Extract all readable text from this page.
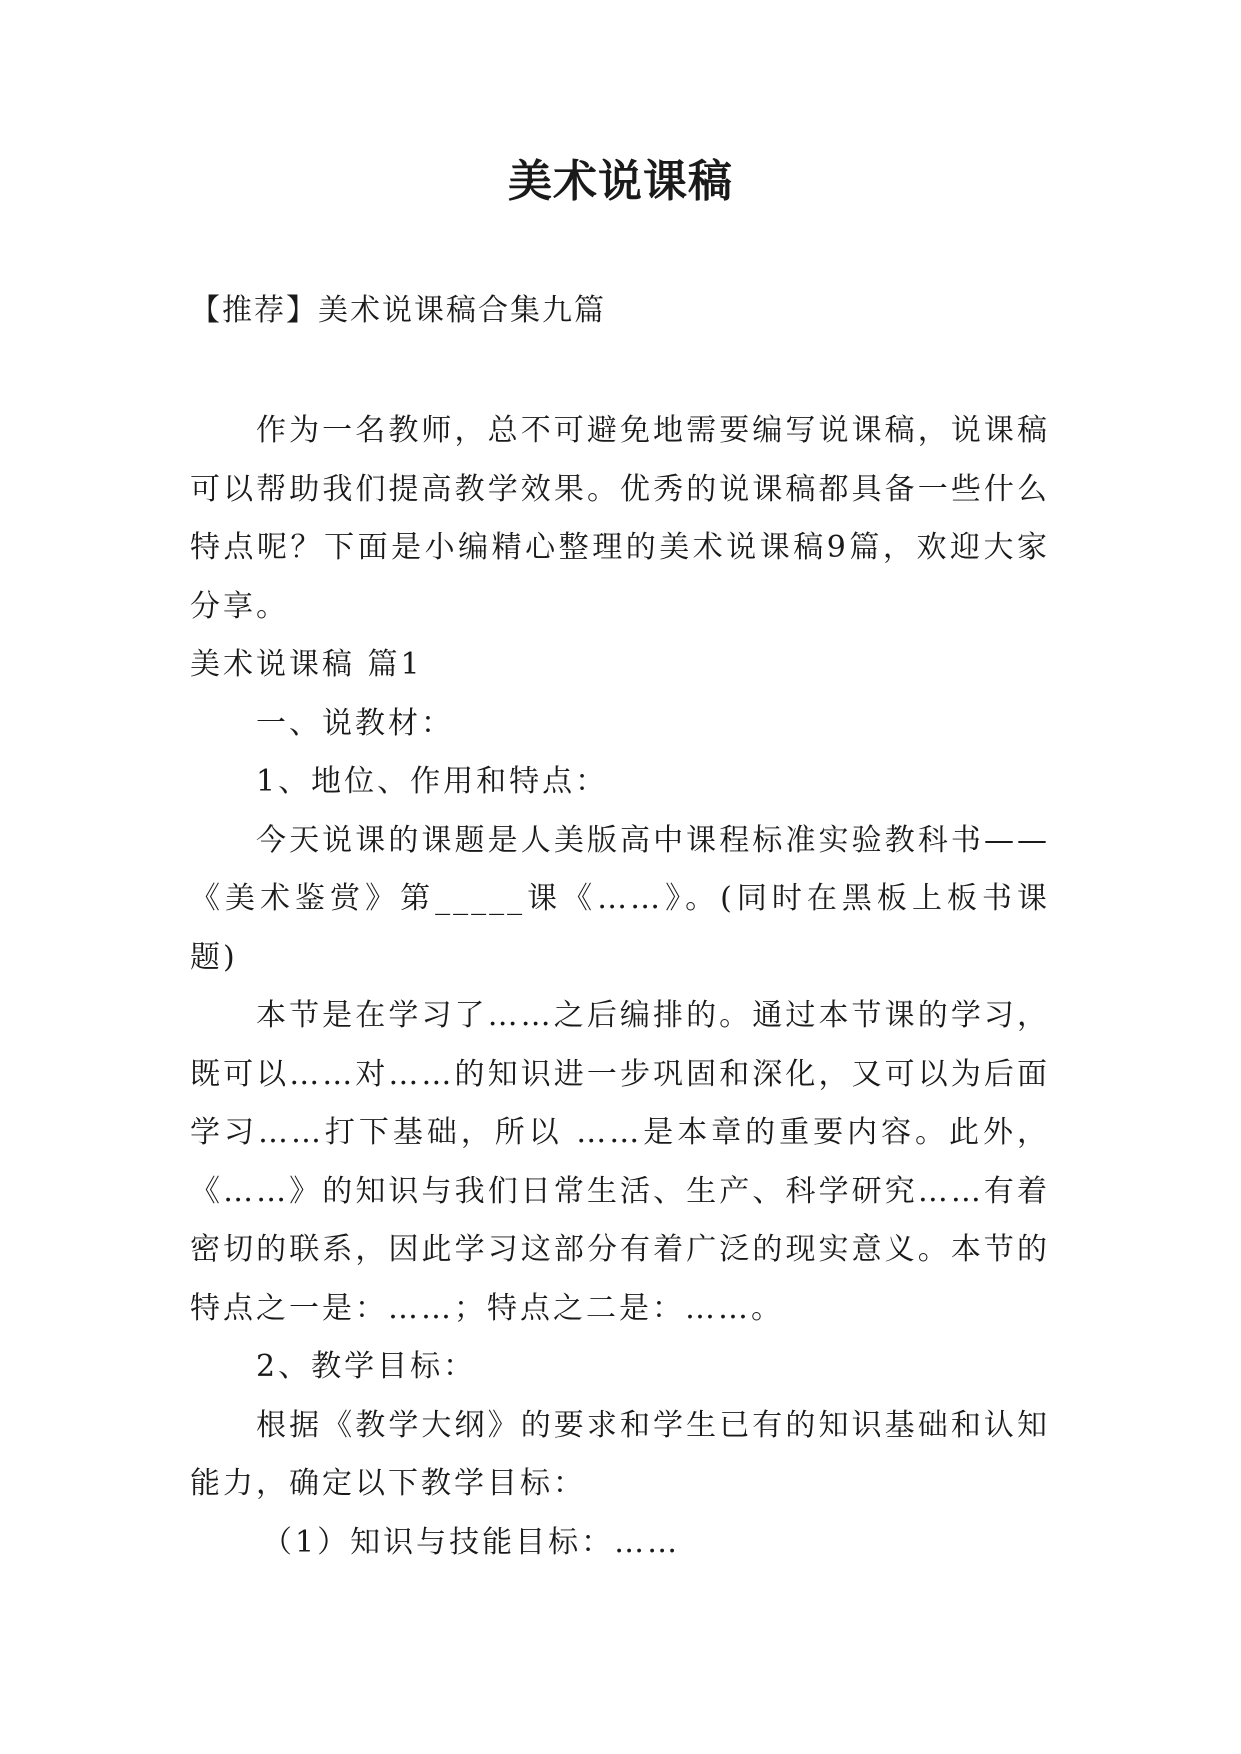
美术说课稿

【推荐】美术说课稿合集九篇

作为一名教师，总不可避免地需要编写说课稿，说课稿可以帮助我们提高教学效果。优秀的说课稿都具备一些什么特点呢？下面是小编精心整理的美术说课稿9篇，欢迎大家分享。

美术说课稿 篇1

一、说教材：

1、地位、作用和特点：

今天说课的课题是人美版高中课程标准实验教科书——《美术鉴赏》第_____课《……》。(同时在黑板上板书课题)

本节是在学习了……之后编排的。通过本节课的学习，既可以……对……的知识进一步巩固和深化，又可以为后面学习……打下基础，所以 ……是本章的重要内容。此外，《……》的知识与我们日常生活、生产、科学研究……有着密切的联系，因此学习这部分有着广泛的现实意义。本节的特点之一是：……；特点之二是：……。

2、教学目标：

根据《教学大纲》的要求和学生已有的知识基础和认知能力，确定以下教学目标：

（1）知识与技能目标：……
